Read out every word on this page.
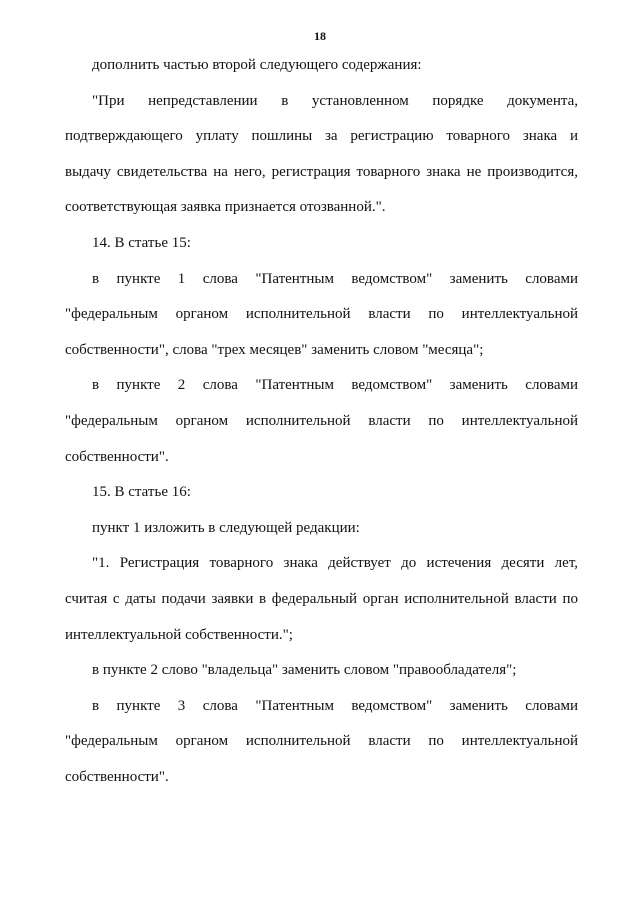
18
дополнить частью второй следующего содержания:
"При непредставлении в установленном порядке документа,
подтверждающего уплату пошлины за регистрацию товарного знака и
выдачу свидетельства на него, регистрация товарного знака не производится,
соответствующая заявка признается отозванной.".
14. В статье 15:
в пункте 1 слова "Патентным ведомством" заменить словами
"федеральным органом исполнительной власти по интеллектуальной
собственности", слова "трех месяцев" заменить словом "месяца";
в пункте 2 слова "Патентным ведомством" заменить словами
"федеральным органом исполнительной власти по интеллектуальной
собственности".
15. В статье 16:
пункт 1 изложить в следующей редакции:
"1. Регистрация товарного знака действует до истечения десяти лет,
считая с даты подачи заявки в федеральный орган исполнительной власти по
интеллектуальной собственности.";
в пункте 2 слово "владельца" заменить словом "правообладателя";
в пункте 3 слова "Патентным ведомством" заменить словами
"федеральным органом исполнительной власти по интеллектуальной
собственности".
